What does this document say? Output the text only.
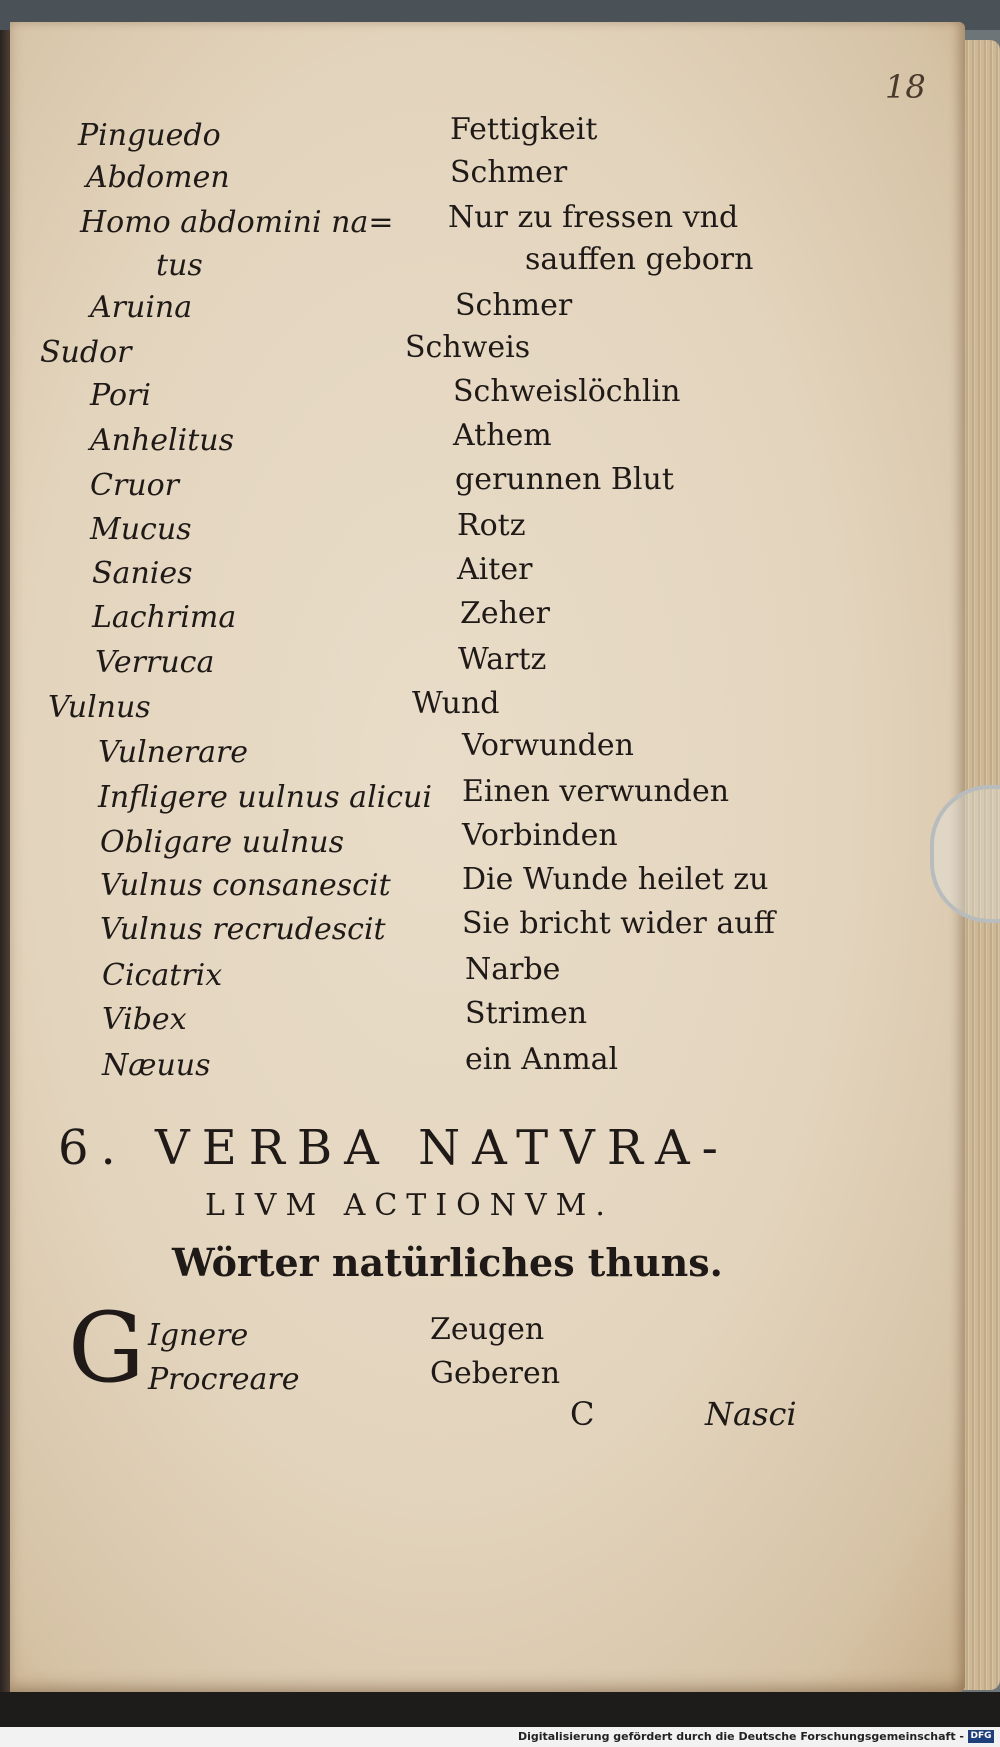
18
Pinguedo
Abdomen
Homo abdomini na=
tus
Aruina
Sudor
Pori
Anhelitus
Cruor
Mucus
Sanies
Lachrima
Verruca
Vulnus
Vulnerare
Infligere uulnus alicui
Obligare uulnus
Vulnus consanescit
Vulnus recrudescit
Cicatrix
Vibex
Næuus
Fettigkeit
Schmer
Nur zu fressen vnd
sauffen geborn
Schmer
Schweis
Schweislöchlin
Athem
gerunnen Blut
Rotz
Aiter
Zeher
Wartz
Wund
Vorwunden
Einen verwunden
Vorbinden
Die Wunde heilet zu
Sie bricht wider auff
Narbe
Strimen
ein Anmal
6. VERBA NATVRA-
LIVM ACTIONVM.
Wörter natürliches thuns.
G Ignere
Procreare
Zeugen
Geberen
C	Nasci
Digitalisierung gefördert durch die Deutsche Forschungsgemeinschaft - DFG
